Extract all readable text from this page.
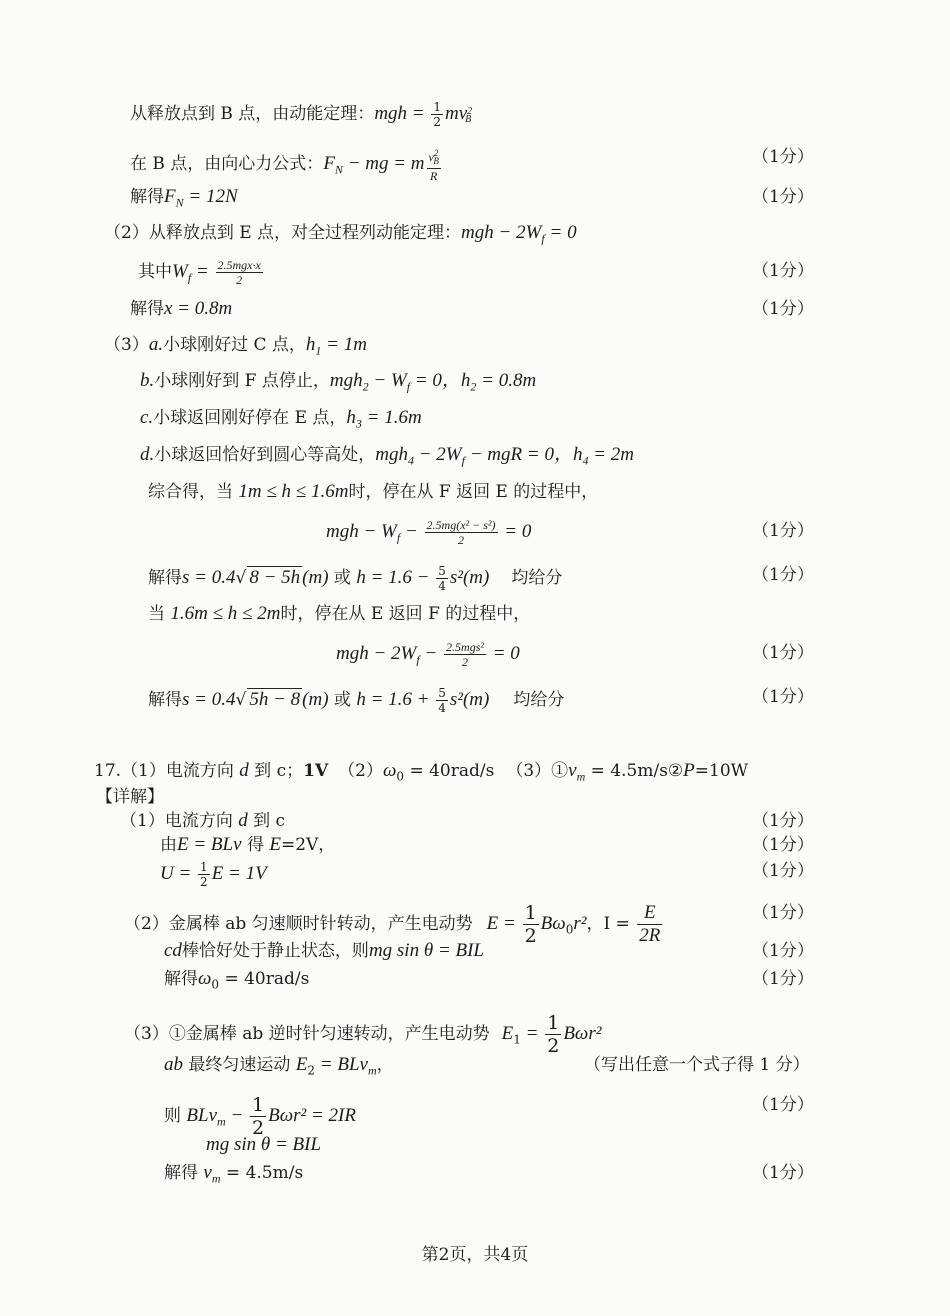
从释放点到 B 点，由动能定理：mgh = $\frac{1}{2} mv^2_B$
在 B 点，由向心力公式：$F_N$ − mg = m $\frac{v^2_B}{R}$	（1分）
解得$F_N = 12N$	（1分）
（2）从释放点到 E 点，对全过程列动能定理：mgh − $2W_f = 0$
其中$W_f = \frac{\text{2.5mgx·x}}{2}$	（1分）
解得x = 0.8m	（1分）
（3）a.小球刚好过 C 点，$h_1 = 1m$
b.小球刚好到 F 点停止，$mgh_2 - W_f = 0$，$h_2 = 0.8m$
c.小球返回刚好停在 E 点，$h_3 = 1.6m$
d.小球返回恰好到圆心等高处，$mgh_4 - 2W_f$ − mgR = 0，$h_4 = 2m$
综合得，当 1m ≤ h ≤ 1.6m时，停在从 F 返回 E 的过程中，
mgh − $W_f - \frac{\text{2.5mg(x² − s²)}}{2} = 0$	（1分）
解得s = 0.4√ 8 − 5h (m) 或 $h = 1.6 - \frac{5}{4} s^2(m)$ 均给分	（1分）
当 1.6m ≤ h ≤ 2m时，停在从 E 返回 F 的过程中，
mgh − $2W_f - \frac{\text{2.5mgs²}}{2} = 0$	（1分）
解得s = 0.4√ 5h − 8 (m) 或 $h = 1.6 + \frac{5}{4} s^2(m)$ 均给分	（1分）
17.（1）电流方向 d 到 c；1V $(2)\omega_0 = 40rad/s$ $(3)①v_m$ = 4.5m/s②P=10W
【详解】
（1）电流方向 d 到 c	（1分）
由E = BLv 得 E=2V，	（1分）
$U = \frac{1}{2}$ E = 1V	（1分）
（2）金属棒 ab 匀速顺时针转动，产生电动势 $E = \frac{1}{2} B\omega_0r^2$，$I = \frac{E}{2R}$	（1分）
cd棒恰好处于静止状态，则mg sin θ = BIL	（1分）
解得$\omega_0 = 40rad/s$	（1分）
（3）①金属棒 ab 逆时针匀速转动，产生电动势 $E_1 = \frac{1}{2} B\omega r^2$
ab 最终匀速运动 $E_2 = BLv_m$，	（写出任意一个式子得 1 分）
则 $BLv_m - \frac{1}{2} B\omega r^2 = 2IR$	（1分）
mg sin θ = BIL
解得 $v_m = 4.5m/s$	（1分）
第2页，共4页
